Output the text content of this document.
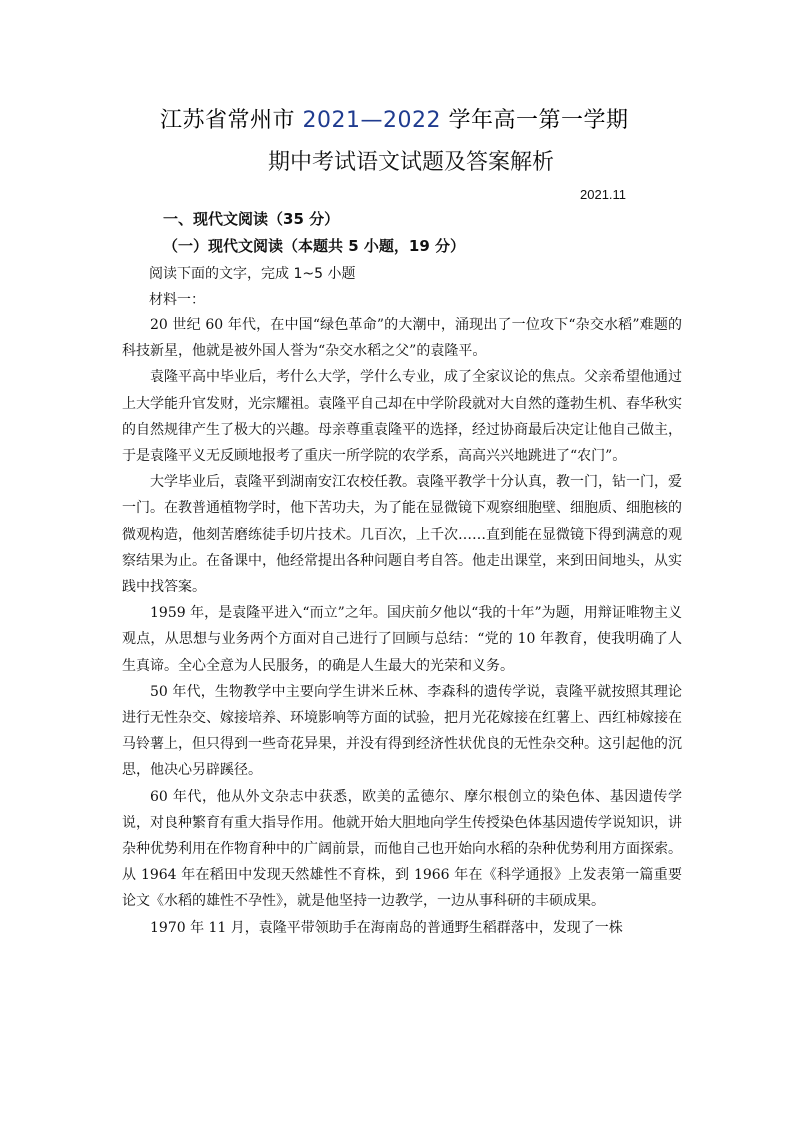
江苏省常州市 2021—2022 学年高一第一学期
期中考试语文试题及答案解析
2021.11
一、现代文阅读（35 分）
（一）现代文阅读（本题共 5 小题，19 分）
阅读下面的文字，完成 1~5 小题
材料一：

20 世纪 60 年代，在中国“绿色革命”的大潮中，涌现出了一位攻下“杂交水稻”难题的科技新星，他就是被外国人誉为“杂交水稻之父”的袁隆平。

袁隆平高中毕业后，考什么大学，学什么专业，成了全家议论的焦点。父亲希望他通过上大学能升官发财，光宗耀祖。袁隆平自己却在中学阶段就对大自然的蓬勃生机、春华秋实的自然规律产生了极大的兴趣。母亲尊重袁隆平的选择，经过协商最后决定让他自己做主，于是袁隆平义无反顾地报考了重庆一所学院的农学系，高高兴兴地跳进了“农门”。

大学毕业后，袁隆平到湖南安江农校任教。袁隆平教学十分认真，教一门，钻一门，爱一门。在教普通植物学时，他下苦功夫，为了能在显微镜下观察细胞壁、细胞质、细胞核的微观构造，他刻苦磨练徒手切片技术。几百次，上千次……直到能在显微镜下得到满意的观察结果为止。在备课中，他经常提出各种问题自考自答。他走出课堂，来到田间地头，从实践中找答案。

1959 年，是袁隆平进入“而立”之年。国庆前夕他以“我的十年”为题，用辩证唯物主义观点，从思想与业务两个方面对自己进行了回顾与总结：“党的 10 年教育，使我明确了人生真谛。全心全意为人民服务，的确是人生最大的光荣和义务。

50 年代，生物教学中主要向学生讲米丘林、李森科的遗传学说，袁隆平就按照其理论进行无性杂交、嫁接培养、环境影响等方面的试验，把月光花嫁接在红薯上、西红柿嫁接在马铃薯上，但只得到一些奇花异果，并没有得到经济性状优良的无性杂交种。这引起他的沉思，他决心另辟蹊径。

60 年代，他从外文杂志中获悉，欧美的孟德尔、摩尔根创立的染色体、基因遗传学说，对良种繁育有重大指导作用。他就开始大胆地向学生传授染色体基因遗传学说知识，讲杂种优势利用在作物育种中的广阔前景，而他自己也开始向水稻的杂种优势利用方面探索。从 1964 年在稻田中发现天然雄性不育株，到 1966 年在《科学通报》上发表第一篇重要论文《水稻的雄性不孕性》，就是他坚持一边教学，一边从事科研的丰硕成果。

1970 年 11 月，袁隆平带领助手在海南岛的普通野生稻群落中，发现了一株
